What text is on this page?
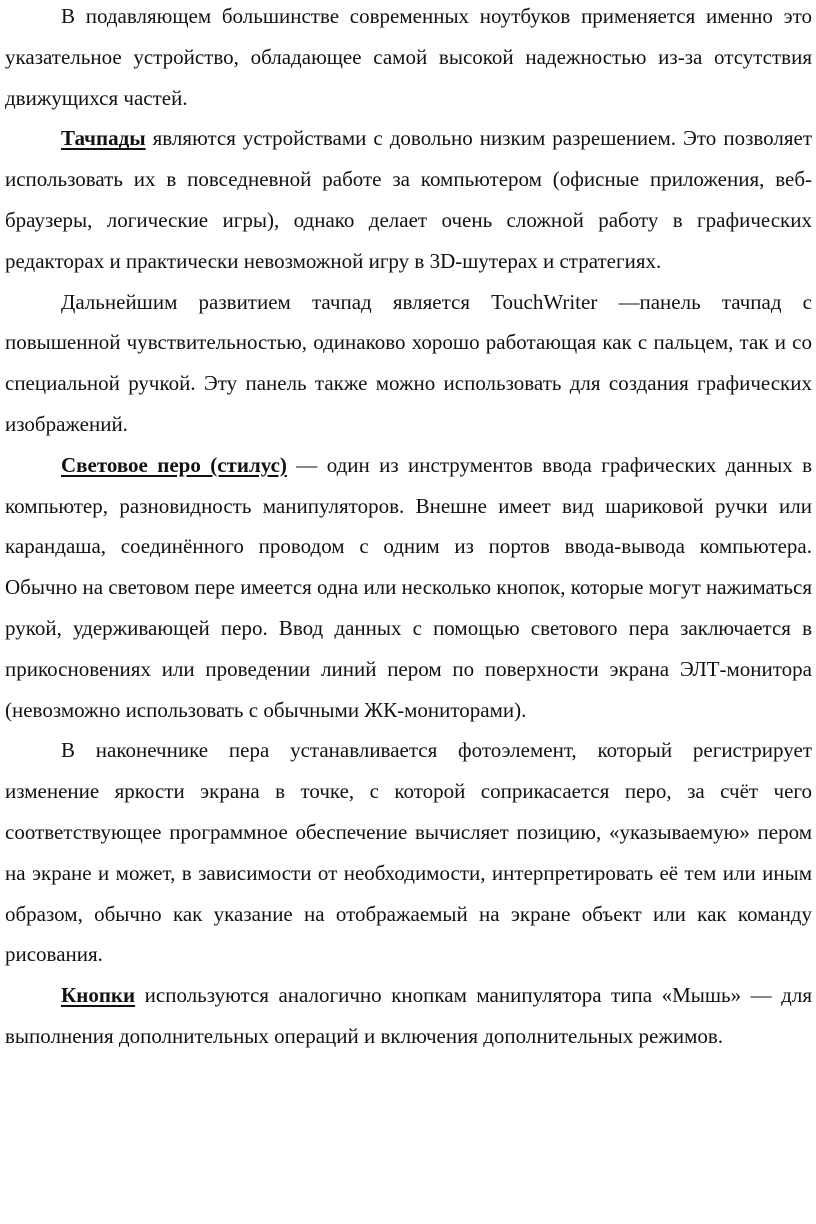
В подавляющем большинстве современных ноутбуков применяется именно это указательное устройство, обладающее самой высокой надежностью из-за отсутствия движущихся частей.

Тачпады являются устройствами с довольно низким разрешением. Это позволяет использовать их в повседневной работе за компьютером (офисные приложения, веб-браузеры, логические игры), однако делает очень сложной работу в графических редакторах и практически невозможной игру в 3D-шутерах и стратегиях.

Дальнейшим развитием тачпад является TouchWriter —панель тачпад с повышенной чувствительностью, одинаково хорошо работающая как с пальцем, так и со специальной ручкой. Эту панель также можно использовать для создания графических изображений.

Световое перо (стилус) — один из инструментов ввода графических данных в компьютер, разновидность манипуляторов. Внешне имеет вид шариковой ручки или карандаша, соединённого проводом с одним из портов ввода-вывода компьютера. Обычно на световом пере имеется одна или несколько кнопок, которые могут нажиматься рукой, удерживающей перо. Ввод данных с помощью светового пера заключается в прикосновениях или проведении линий пером по поверхности экрана ЭЛТ-монитора (невозможно использовать с обычными ЖК-мониторами).

В наконечнике пера устанавливается фотоэлемент, который регистрирует изменение яркости экрана в точке, с которой соприкасается перо, за счёт чего соответствующее программное обеспечение вычисляет позицию, «указываемую» пером на экране и может, в зависимости от необходимости, интерпретировать её тем или иным образом, обычно как указание на отображаемый на экране объект или как команду рисования.

Кнопки используются аналогично кнопкам манипулятора типа «Мышь» — для выполнения дополнительных операций и включения дополнительных режимов.
